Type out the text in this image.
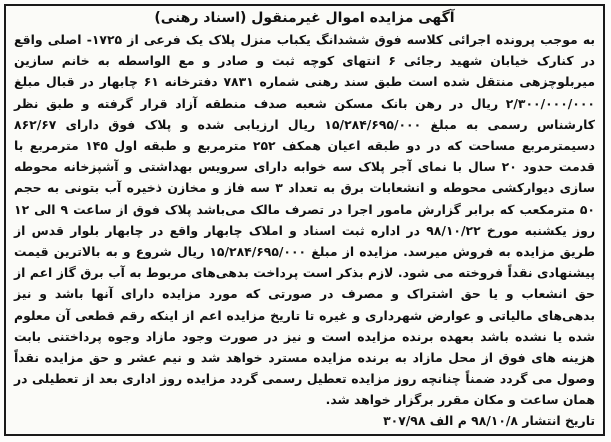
آگهی مزایده اموال غیرمنقول (اسناد رهنی)
به موجب پرونده اجرائی کلاسه فوق ششدانگ یکباب منزل پلاک یک فرعی از ۱۷۲۵- اصلی واقع در کنارک خیابان شهید رجائی ۶ انتهای کوچه ثبت و صادر و مع الواسطه به خانم سازین میربلوچزهی منتقل شده است طبق سند رهنی شماره ۷۸۳۱ دفترخانه ۶۱ چابهار در قبال مبلغ ۲/۳۰۰/۰۰۰/۰۰۰ ریال در رهن بانک مسکن شعبه صدف منطقه آزاد قرار گرفته و طبق نظر کارشناس رسمی به مبلغ ۱۵/۲۸۴/۶۹۵/۰۰۰ ریال ارزیابی شده و پلاک فوق دارای ۸۶۲/۶۷ دسیمترمربع مساحت که در دو طبقه اعیان همکف ۲۵۲ مترمربع و طبقه اول ۱۴۵ مترمربع با قدمت حدود ۲۰ سال با نمای آجر پلاک سه خوابه دارای سرویس بهداشتی و آشپزخانه محوطه سازی دیوارکشی محوطه و انشعابات برق به تعداد ۳ سه فاز و مخازن ذخیره آب بتونی به حجم ۵۰ مترمکعب که برابر گزارش مامور اجرا در تصرف مالک می‌باشد پلاک فوق از ساعت ۹ الی ۱۲ روز یکشنبه مورخ ۹۸/۱۰/۲۲ در اداره ثبت اسناد و املاک چابهار واقع در چابهار بلوار قدس از طریق مزایده به فروش میرسد. مزایده از مبلغ ۱۵/۲۸۴/۶۹۵/۰۰۰ ریال شروع و به بالاترین قیمت پیشنهادی نقداً فروخته می شود. لازم بذکر است پرداخت بدهی‌های مربوط به آب برق گاز اعم از حق انشعاب و یا حق اشتراک و مصرف در صورتی که مورد مزایده دارای آنها باشد و نیز بدهی‌های مالیاتی و عوارض شهرداری و غیره تا تاریخ مزایده اعم از اینکه رقم قطعی آن معلوم شده یا نشده باشد بعهده برنده مزایده است و نیز در صورت وجود مازاد وجوه پرداختنی بابت هزینه های فوق از محل مازاد به برنده مزایده مسترد خواهد شد و نیم عشر و حق مزایده نقداً وصول می گردد ضمناً چنانچه روز مزایده تعطیل رسمی گردد مزایده روز اداری بعد از تعطیلی در همان ساعت و مکان مقرر برگزار خواهد شد.
تاریخ انتشار ۹۸/۱۰/۸ م الف ۳۰۷/۹۸
